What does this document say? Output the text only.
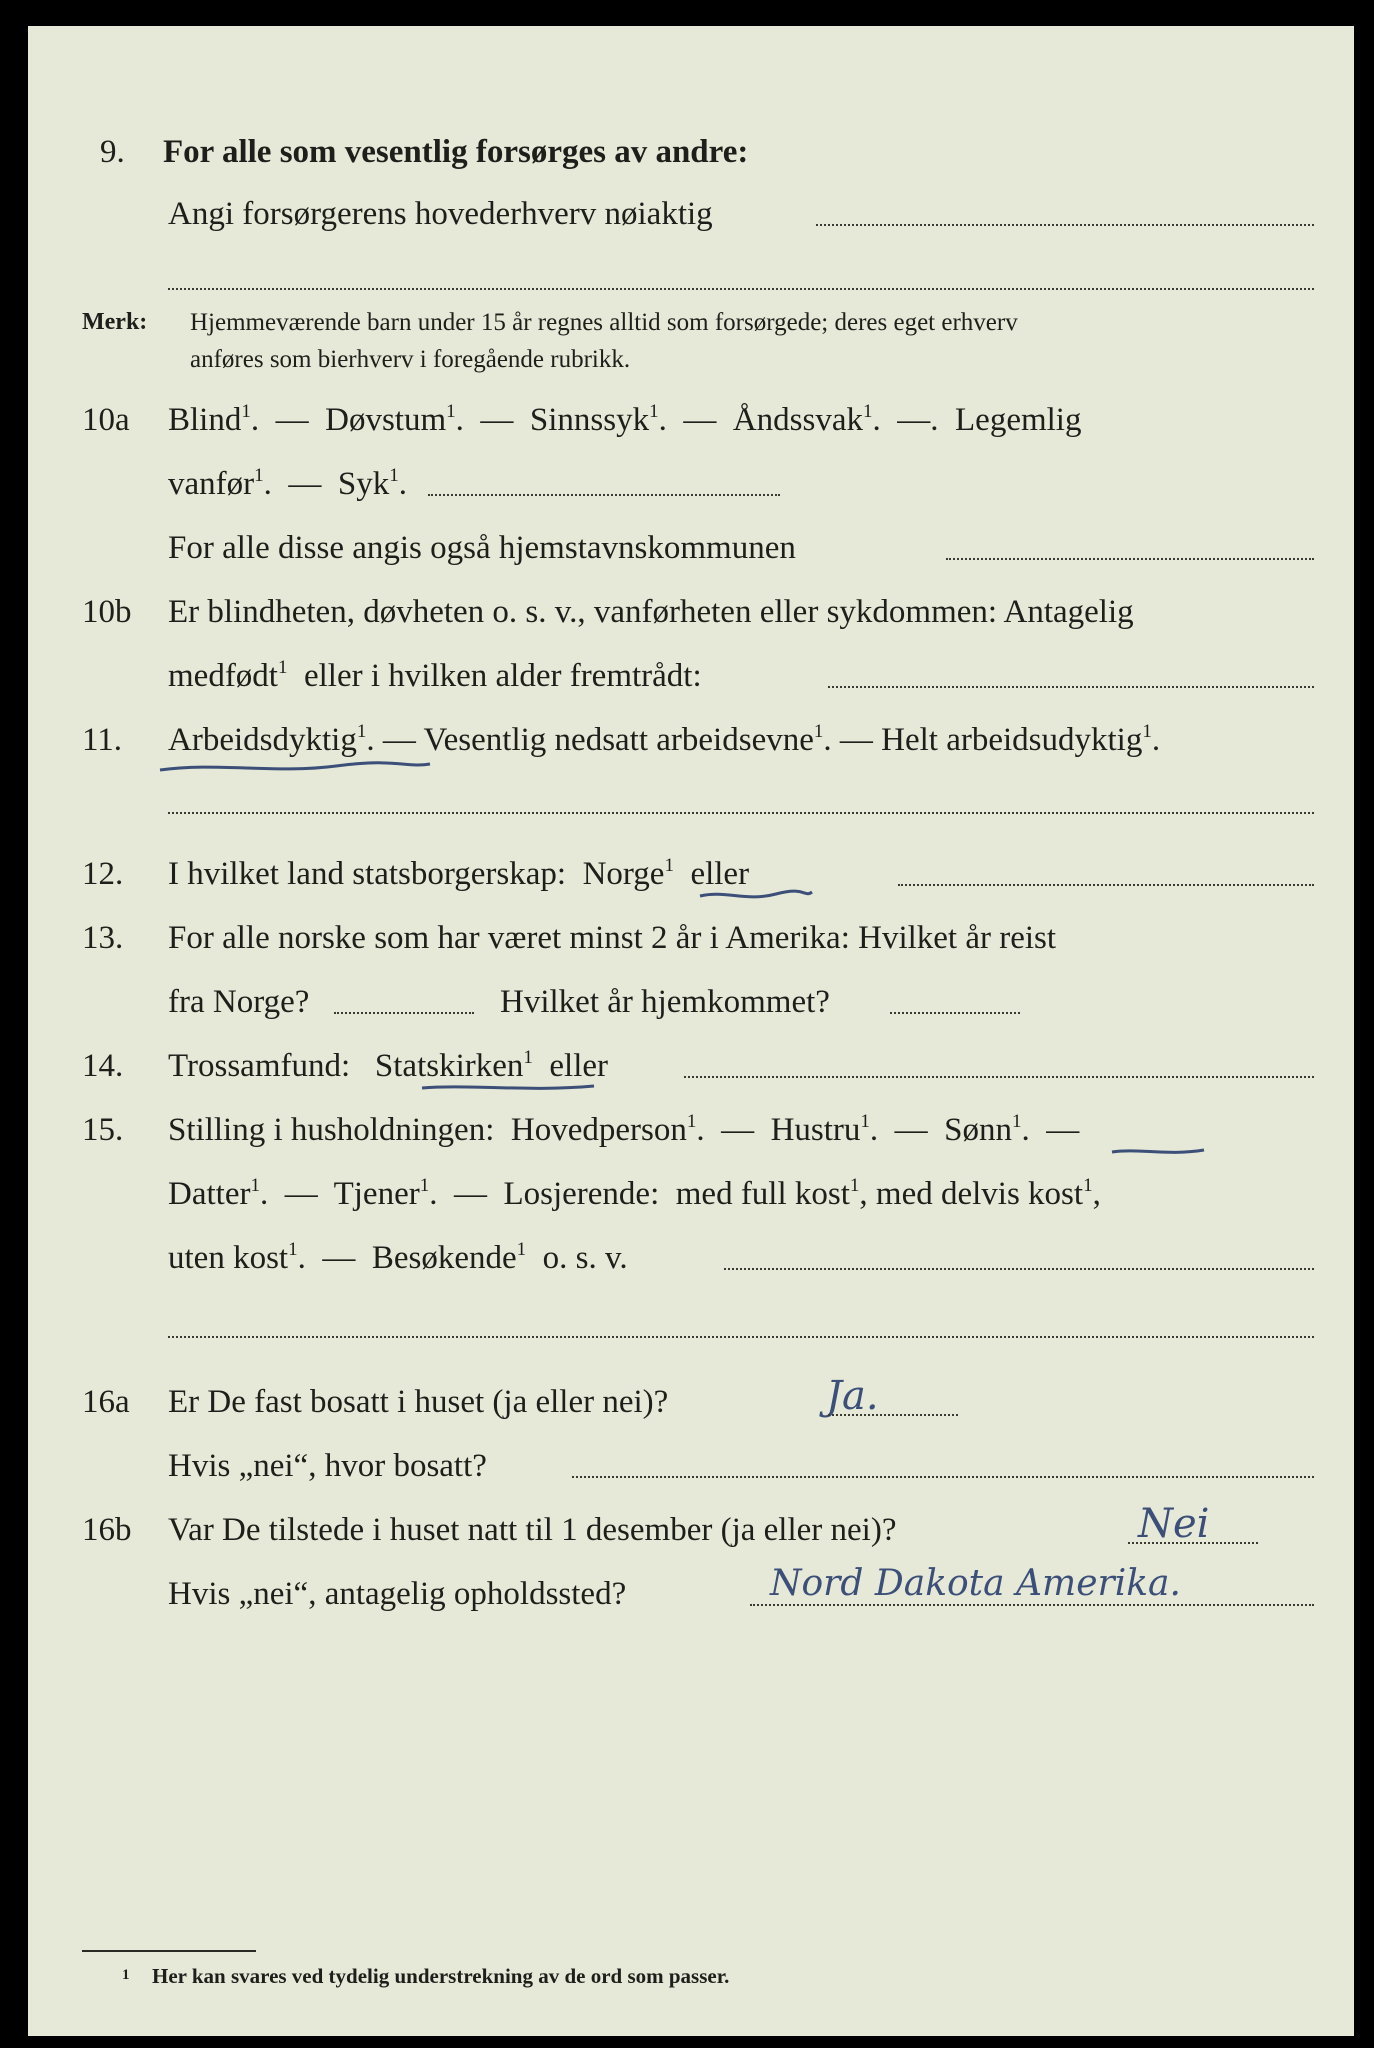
9. For alle som vesentlig forsørges av andre:
Angi forsørgerens hovederhverv nøiaktig
Merk: Hjemmeværende barn under 15 år regnes alltid som forsørgede; deres eget erhverv
anføres som bierhverv i foregående rubrikk.
10a Blind$^1$.  —  Døvstum$^1$.  —  Sinnssyk$^1$.  —  Åndssvak$^1$.  —.  Legemlig
vanfør$^1$.  —  Syk$^1$.
For alle disse angis også hjemstavnskommunen
10b Er blindheten, døvheten o. s. v., vanførheten eller sykdommen: Antagelig
medfødt$^1$ eller i hvilken alder fremtrådt:
11. Arbeidsdyktig$^1$. — Vesentlig nedsatt arbeidsevne$^1$. — Helt arbeidsudyktig$^1$.
12. I hvilket land statsborgerskap: Norge$^1$ eller
13. For alle norske som har været minst 2 år i Amerika: Hvilket år reist
fra Norge?	Hvilket år hjemkommet?
14. Trossamfund: Statskirken$^1$ eller
15. Stilling i husholdningen: Hovedperson$^1$.  —  Hustru$^1$.  —  Sønn$^1$.  —
Datter$^1$.  —  Tjener$^1$.  —  Losjerende: med full kost$^1$, med delvis kost$^1$,
uten kost$^1$.  —  Besøkende$^1$ o. s. v.
16a Er De fast bosatt i huset (ja eller nei)?	Ja.
Hvis „nei“, hvor bosatt?
16b Var De tilstede i huset natt til 1 desember (ja eller nei)?	Nei
Hvis „nei“, antagelig opholdssted?	Nord Dakota Amerika.
1 Her kan svares ved tydelig understrekning av de ord som passer.
